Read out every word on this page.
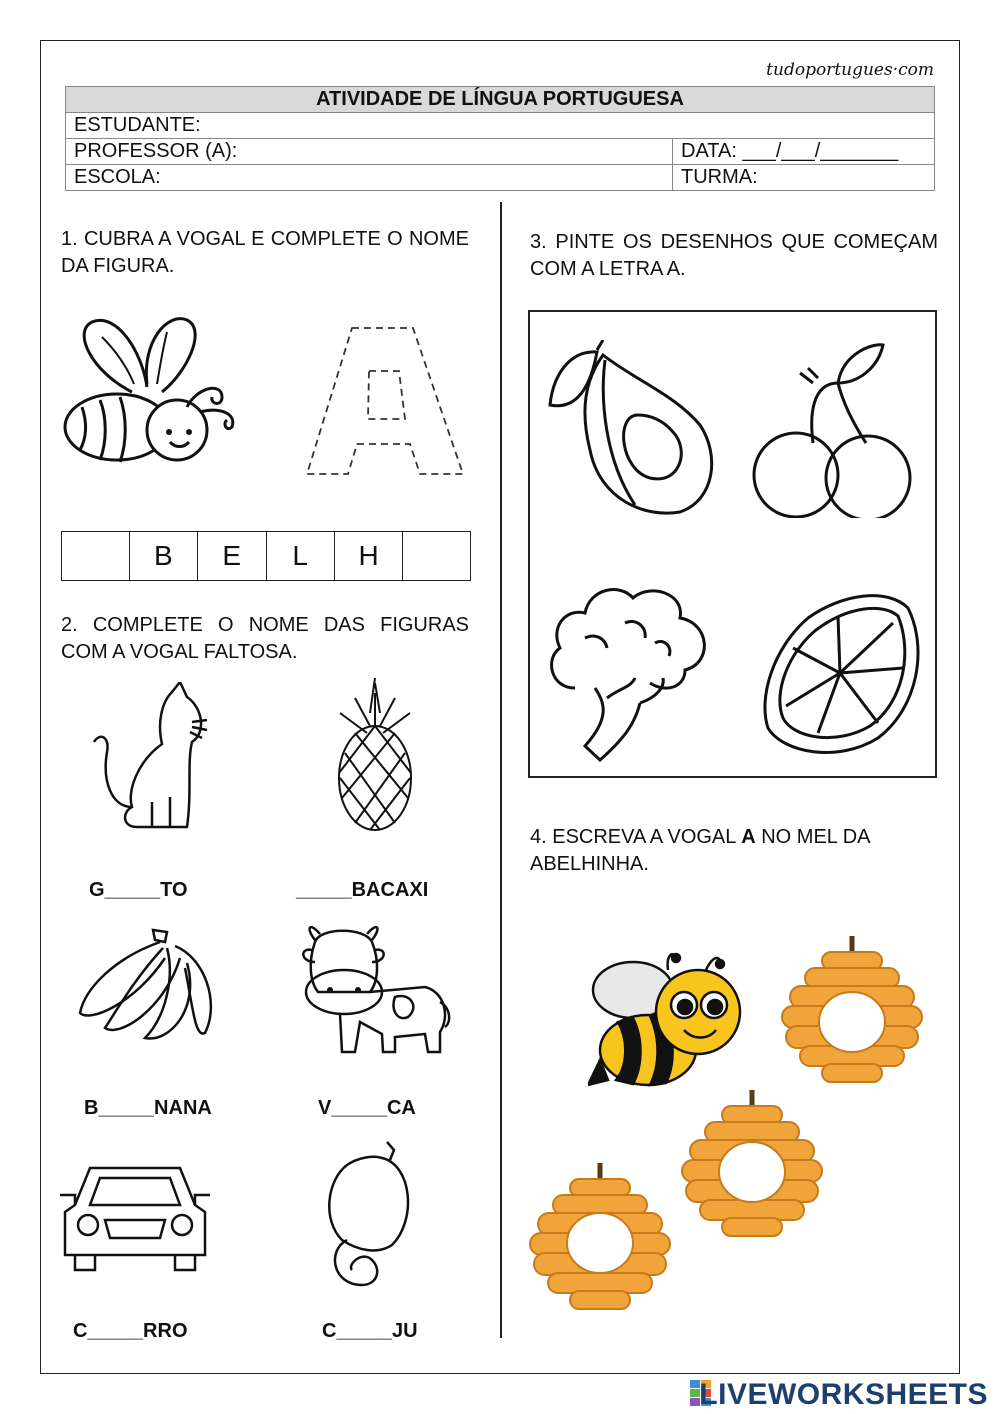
tudoportugues·com
ATIVIDADE DE LÍNGUA PORTUGUESA	
ESTUDANTE:	
PROFESSOR (A):	DATA: ___/___/_______
ESCOLA:	TURMA:
1. CUBRA A VOGAL E COMPLETE O NOME DA FIGURA.
	B	E	L	H	
2. COMPLETE O NOME DAS FIGURAS COM A VOGAL FALTOSA.
G_____TO	_____BACAXI
B_____NANA	V_____CA
C_____RRO	C_____JU
3. PINTE OS DESENHOS QUE COMEÇAM COM A LETRA A.
4. ESCREVA A VOGAL A NO MEL DA ABELHINHA.
LIVEWORKSHEETS
